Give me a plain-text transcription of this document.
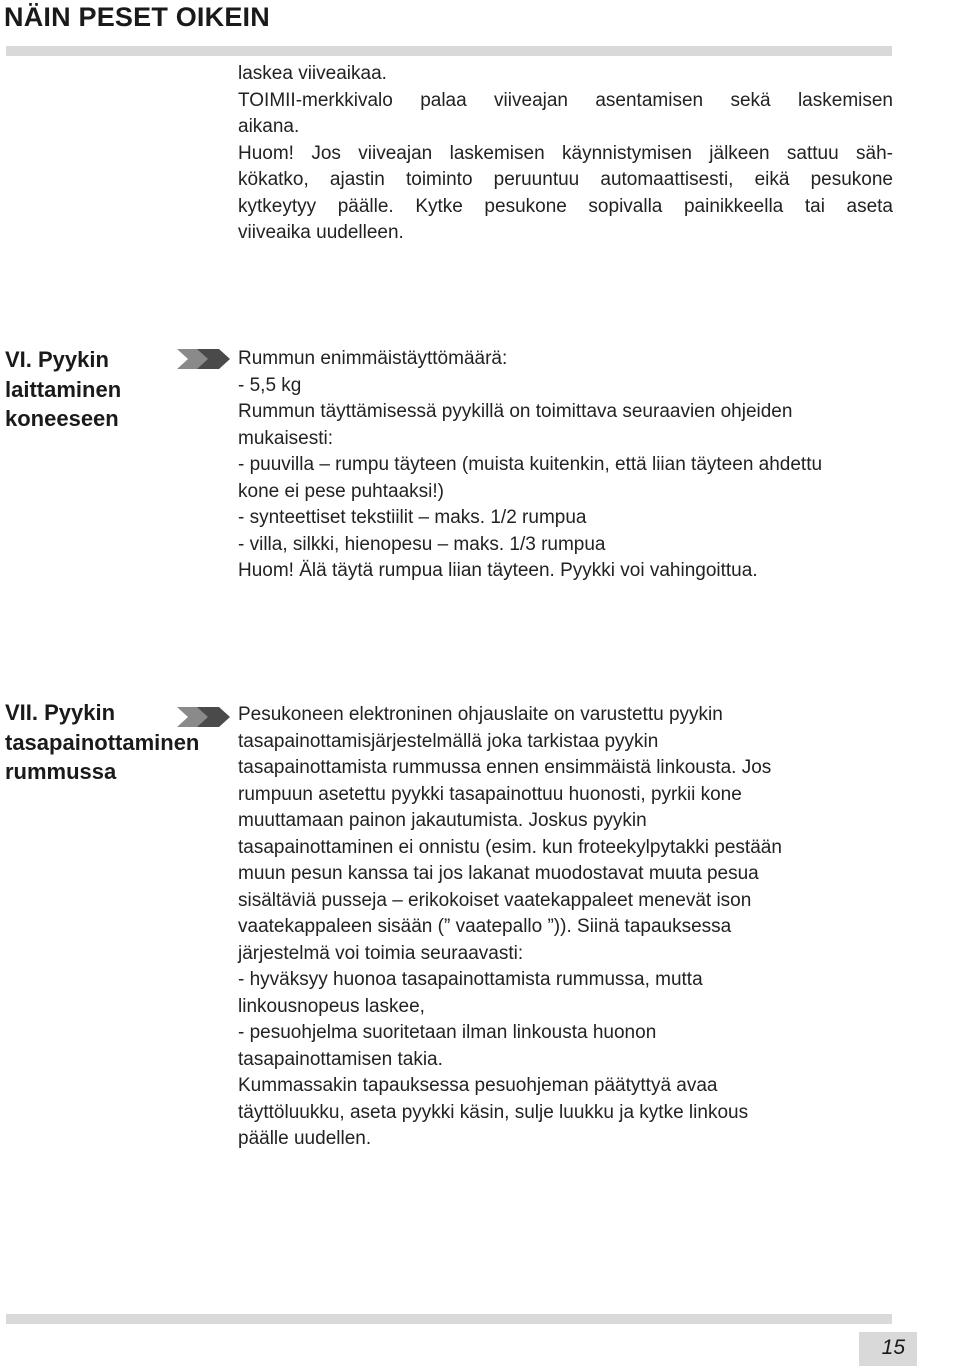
NÄIN PESET OIKEIN
laskea viiveaikaa.
TOIMII-merkkivalo palaa viiveajan asentamisen sekä laskemisen
aikana.
Huom! Jos viiveajan laskemisen käynnistymisen jälkeen sattuu säh-
kökatko, ajastin toiminto peruuntuu automaattisesti, eikä pesukone
kytkeytyy päälle. Kytke pesukone sopivalla painikkeella tai aseta
viiveaika uudelleen.
VI. Pyykin
laittaminen
koneeseen
Rummun enimmäistäyttömäärä:
- 5,5 kg
Rummun täyttämisessä pyykillä on toimittava seuraavien ohjeiden
mukaisesti:
- puuvilla – rumpu täyteen (muista kuitenkin, että liian täyteen ahdettu
kone ei pese puhtaaksi!)
- synteettiset tekstiilit – maks. 1/2 rumpua
- villa, silkki, hienopesu – maks. 1/3 rumpua
Huom! Älä täytä rumpua liian täyteen. Pyykki voi vahingoittua.
VII. Pyykin
tasapainottaminen
rummussa
Pesukoneen elektroninen ohjauslaite on varustettu pyykin
tasapainottamisjärjestelmällä joka tarkistaa pyykin
tasapainottamista rummussa ennen ensimmäistä linkousta. Jos
rumpuun asetettu pyykki tasapainottuu huonosti, pyrkii kone
muuttamaan painon jakautumista. Joskus pyykin
tasapainottaminen ei onnistu (esim. kun froteekylpytakki pestään
muun pesun kanssa tai jos lakanat muodostavat muuta pesua
sisältäviä pusseja – erikokoiset vaatekappaleet menevät ison
vaatekappaleen sisään (” vaatepallo ”)). Siinä tapauksessa
järjestelmä voi toimia seuraavasti:
- hyväksyy huonoa tasapainottamista rummussa, mutta
linkousnopeus laskee,
- pesuohjelma suoritetaan ilman linkousta huonon
tasapainottamisen takia.
Kummassakin tapauksessa pesuohjeman päätyttyä avaa
täyttöluukku, aseta pyykki käsin, sulje luukku ja kytke linkous
päälle uudellen.
15
